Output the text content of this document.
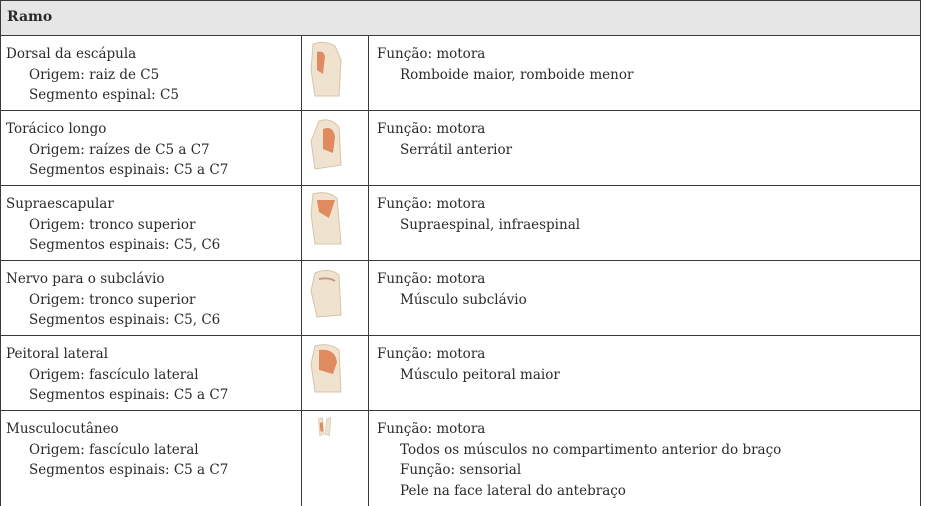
Ramo
Dorsal da escápula
Origem: raiz de C5
Segmento espinal: C5
Função: motora
Romboide maior, romboide menor
Torácico longo
Origem: raízes de C5 a C7
Segmentos espinais: C5 a C7
Função: motora
Serrátil anterior
Supraescapular
Origem: tronco superior
Segmentos espinais: C5, C6
Função: motora
Supraespinal, infraespinal
Nervo para o subclávio
Origem: tronco superior
Segmentos espinais: C5, C6
Função: motora
Músculo subclávio
Peitoral lateral
Origem: fascículo lateral
Segmentos espinais: C5 a C7
Função: motora
Músculo peitoral maior
Musculocutâneo
Origem: fascículo lateral
Segmentos espinais: C5 a C7
Função: motora
Todos os músculos no compartimento anterior do braço
Função: sensorial
Pele na face lateral do antebraço
